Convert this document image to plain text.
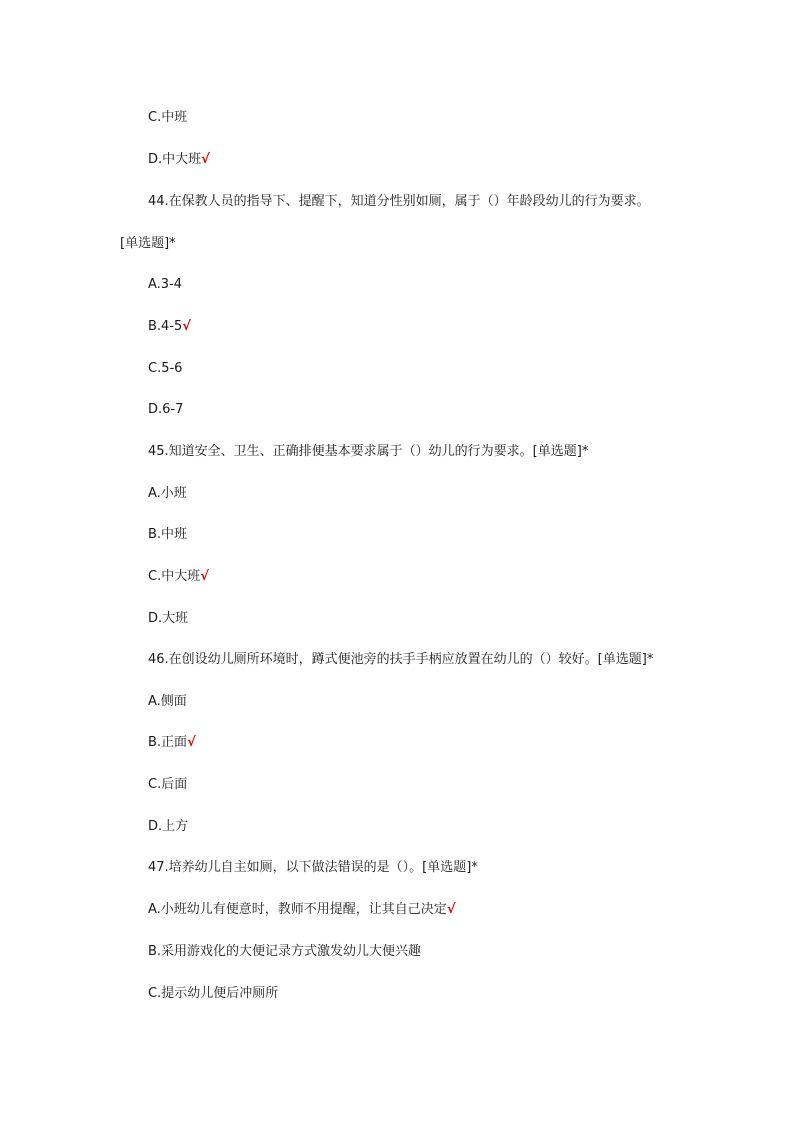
C.中班
D.中大班√
44.在保教人员的指导下、提醒下，知道分性别如厕，属于（）年龄段幼儿的行为要求。
[单选题]*
A.3-4
B.4-5√
C.5-6
D.6-7
45.知道安全、卫生、正确排便基本要求属于（）幼儿的行为要求。[单选题]*
A.小班
B.中班
C.中大班√
D.大班
46.在创设幼儿厕所环境时，蹲式便池旁的扶手手柄应放置在幼儿的（）较好。[单选题]*
A.侧面
B.正面√
C.后面
D.上方
47.培养幼儿自主如厕，以下做法错误的是（）。[单选题]*
A.小班幼儿有便意时，教师不用提醒，让其自己决定√
B.采用游戏化的大便记录方式激发幼儿大便兴趣
C.提示幼儿便后冲厕所
